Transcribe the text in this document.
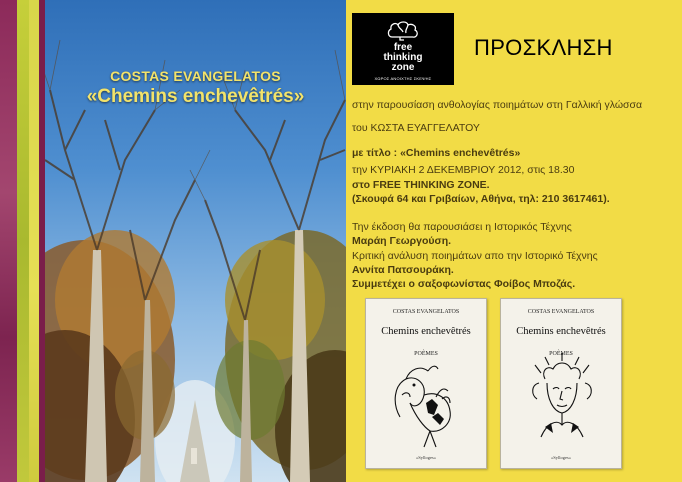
COSTAS EVANGELATOS
«Chemins enchevêtrés»
free
thinking
zone
ΧΩΡΟΣ ΑΝΟΙΧΤΗΣ ΣΚΕΨΗΣ
ΠΡΟΣΚΛΗΣΗ
στην παρουσίαση ανθολογίας ποιημάτων στη Γαλλική γλώσσα
του ΚΩΣΤΑ ΕΥΑΓΓΕΛΑΤΟΥ
με τίτλο : «Chemins enchevêtrés»
την ΚΥΡΙΑΚΗ 2 ΔΕΚΕΜΒΡΙΟΥ 2012, στις 18.30
στο FREE THINKING ZONE.
(Σκουφά 64 και Γριβαίων, Αθήνα, τηλ: 210 3617461).
Την έκδοση θα παρουσιάσει η Ιστορικός Τέχνης
Μαράη Γεωργούση.
Κριτική ανάλυση ποιημάτων απο την Ιστορικό Τέχνης
Αννίτα Πατσουράκη.
Συμμετέχει ο σαξοφωνίστας Φοίβος Μποζάς.
COSTAS EVANGELATOS
Chemins enchevêtrés
POÈMES
«Sylloges»
COSTAS EVANGELATOS
Chemins enchevêtrés
POÈMES
«Sylloges»
